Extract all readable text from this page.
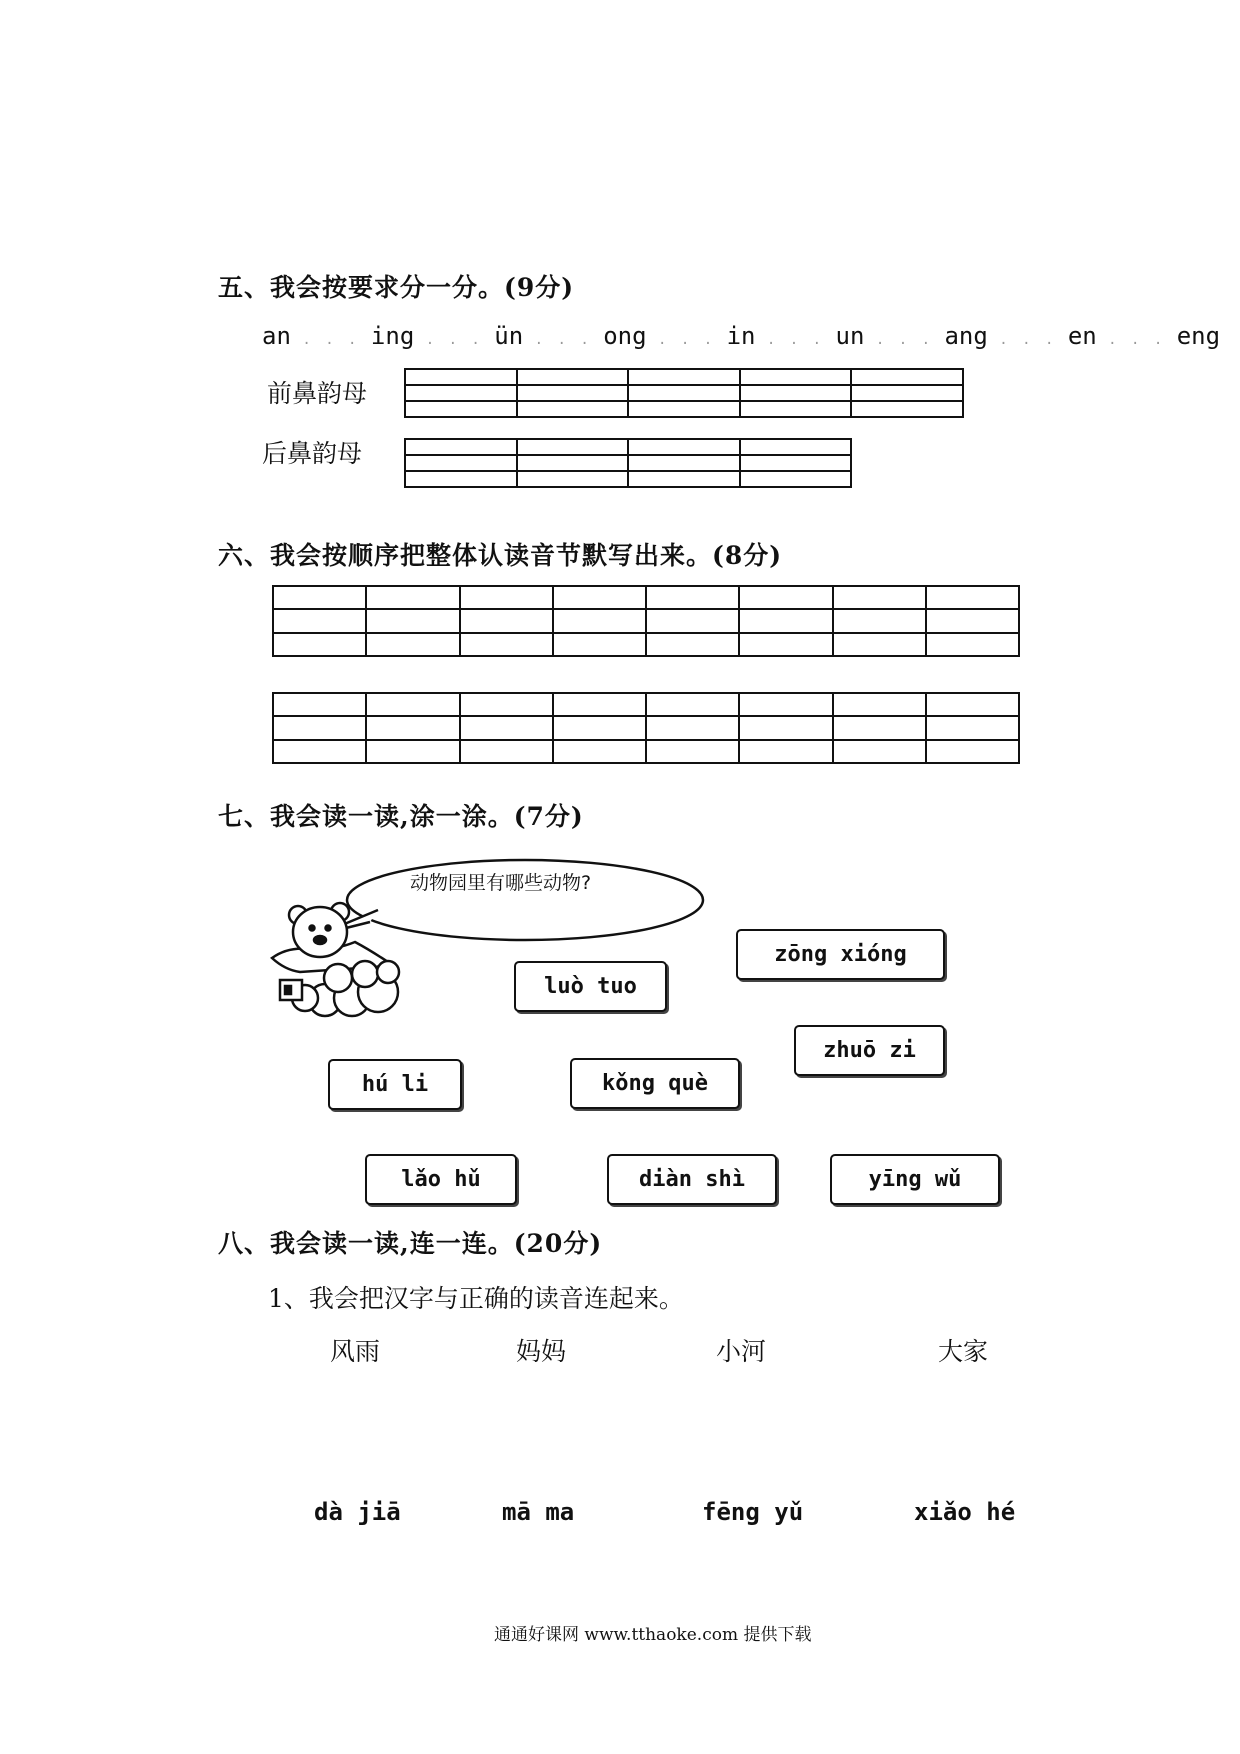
五、我会按要求分一分。(9分)
an . . . ing . . . ün . . . ong . . . in . . . un . . . ang . . . en . . . eng
前鼻韵母

后鼻韵母

六、我会按顺序把整体认读音节默写出来。(8分)

七、我会读一读,涂一涂。(7分)
动物园里有哪些动物?
zōng xióng
luò tuo
zhuō zi
hú li	kǒng què
lǎo hǔ	diàn shì	yīng wǔ
八、我会读一读,连一连。(20分)
1、我会把汉字与正确的读音连起来。
风雨	妈妈	小河	大家
dà jiā	mā ma	fēng yǔ	xiǎo hé
通通好课网 www.tthaoke.com 提供下载
